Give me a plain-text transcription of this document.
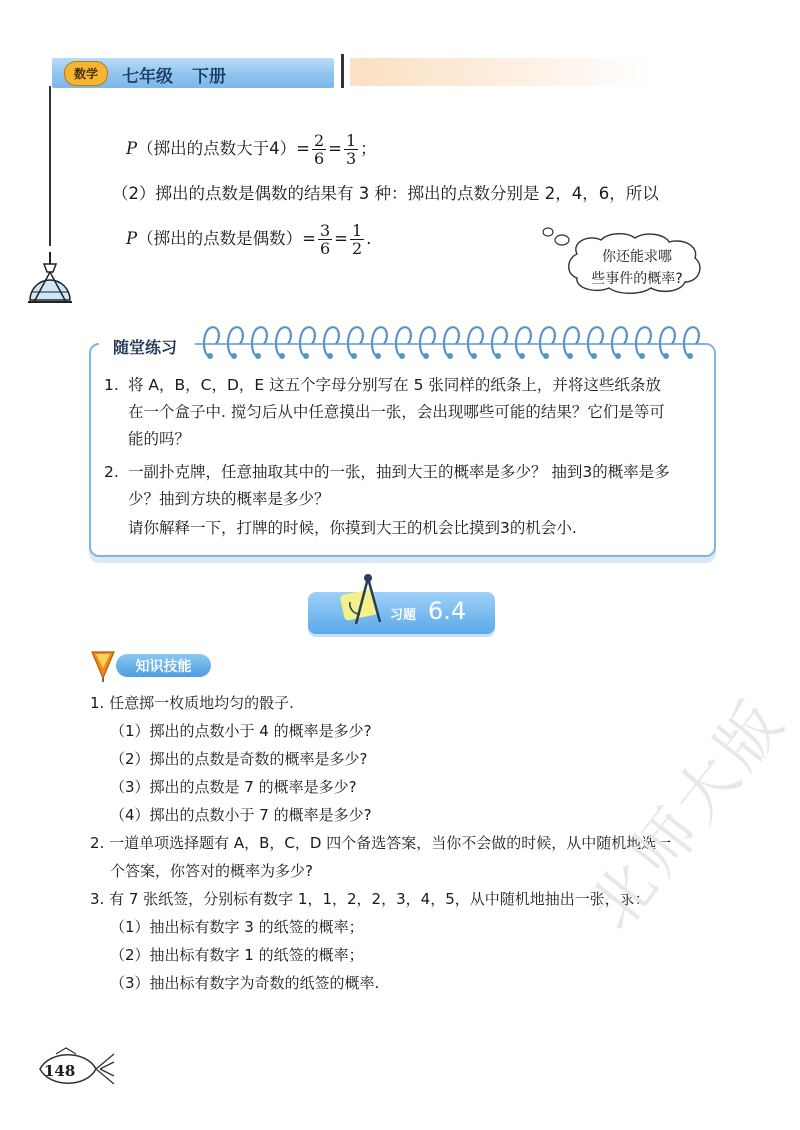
数学	七年级 下册
P（掷出的点数大于$4)= \frac{2}{6} = \frac{1}{3}$ ；
（2）掷出的点数是偶数的结果有 3 种：掷出的点数分别是 2，4，6，所以
P（掷出的点数是偶数）= $\frac{3}{6} = \frac{1}{2}$ .
你还能求哪
些事件的概率?
随堂练习
1. 将 A，B，C，D，E 这五个字母分别写在 5 张同样的纸条上，并将这些纸条放
在一个盒子中. 搅匀后从中任意摸出一张，会出现哪些可能的结果？它们是等可
能的吗？
2. 一副扑克牌，任意抽取其中的一张，抽到大王的概率是多少？ 抽到3的概率是多
少？抽到方块的概率是多少？
请你解释一下，打牌的时候，你摸到大王的机会比摸到3的机会小.
习题 6.4
知识技能
1. 任意掷一枚质地均匀的骰子.
（1）掷出的点数小于 4 的概率是多少?
（2）掷出的点数是奇数的概率是多少?
（3）掷出的点数是 7 的概率是多少?
（4）掷出的点数小于 7 的概率是多少?
2. 一道单项选择题有 A，B，C，D 四个备选答案，当你不会做的时候，从中随机地选一
个答案，你答对的概率为多少?
3. 有 7 张纸签，分别标有数字 1，1，2，2，3，4，5，从中随机地抽出一张，求：
（1）抽出标有数字 3 的纸签的概率；
（2）抽出标有数字 1 的纸签的概率；
（3）抽出标有数字为奇数的纸签的概率.
148
北师大版
